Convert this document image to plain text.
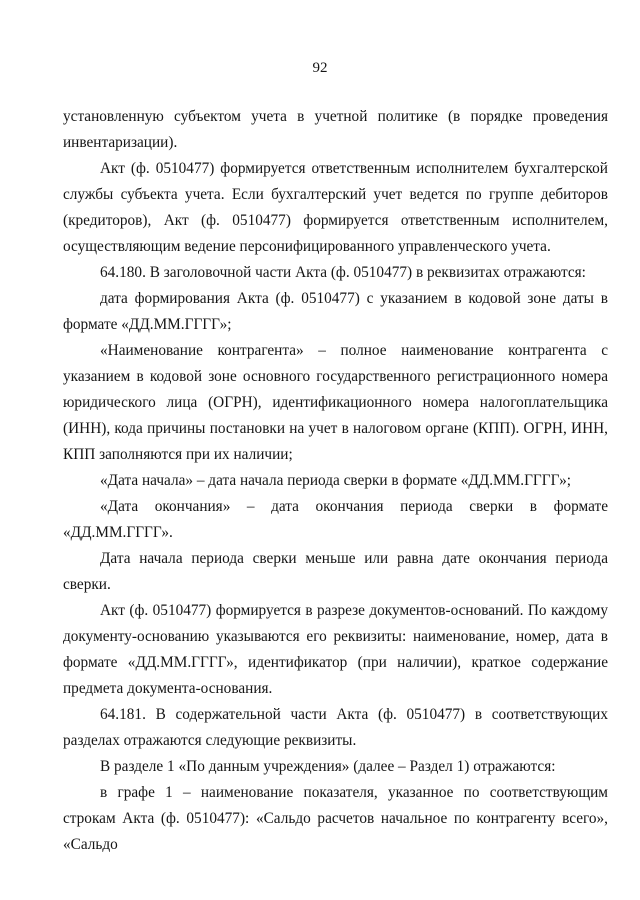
92

установленную субъектом учета в учетной политике (в порядке проведения инвентаризации).

Акт (ф. 0510477) формируется ответственным исполнителем бухгалтерской службы субъекта учета. Если бухгалтерский учет ведется по группе дебиторов (кредиторов), Акт (ф. 0510477) формируется ответственным исполнителем, осуществляющим ведение персонифицированного управленческого учета.

64.180. В заголовочной части Акта (ф. 0510477) в реквизитах отражаются:

дата формирования Акта (ф. 0510477) с указанием в кодовой зоне даты в формате «ДД.ММ.ГГГГ»;

«Наименование контрагента» – полное наименование контрагента с указанием в кодовой зоне основного государственного регистрационного номера юридического лица (ОГРН), идентификационного номера налогоплательщика (ИНН), кода причины постановки на учет в налоговом органе (КПП). ОГРН, ИНН, КПП заполняются при их наличии;

«Дата начала» – дата начала периода сверки в формате «ДД.ММ.ГГГГ»;

«Дата окончания» – дата окончания периода сверки в формате «ДД.ММ.ГГГГ».

Дата начала периода сверки меньше или равна дате окончания периода сверки.

Акт (ф. 0510477) формируется в разрезе документов-оснований. По каждому документу-основанию указываются его реквизиты: наименование, номер, дата в формате «ДД.ММ.ГГГГ», идентификатор (при наличии), краткое содержание предмета документа-основания.

64.181. В содержательной части Акта (ф. 0510477) в соответствующих разделах отражаются следующие реквизиты.

В разделе 1 «По данным учреждения» (далее – Раздел 1) отражаются:

в графе 1 – наименование показателя, указанное по соответствующим строкам Акта (ф. 0510477): «Сальдо расчетов начальное по контрагенту всего», «Сальдо
